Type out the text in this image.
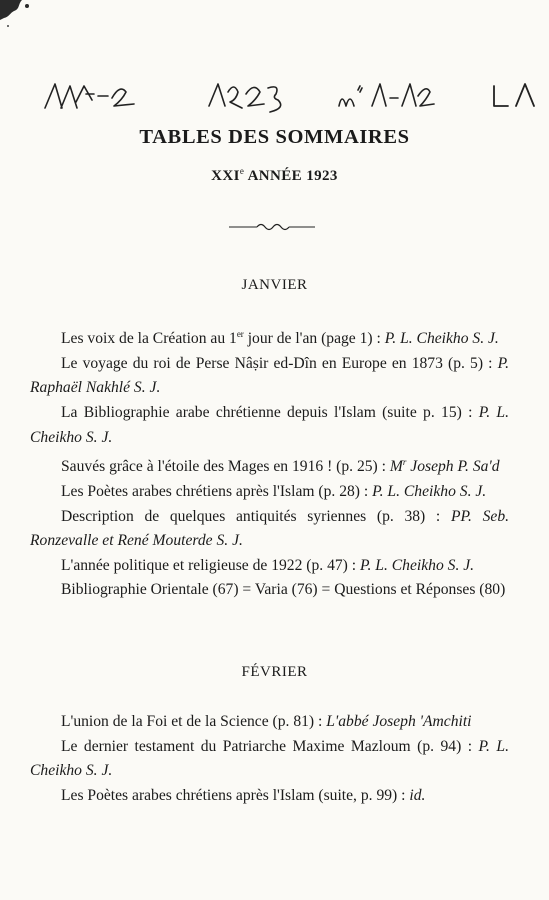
TABLES DES SOMMAIRES
XXIe ANNÉE 1923
JANVIER

Les voix de la Création au 1er jour de l'an (page 1) : P. L. Cheikho S. J.

Le voyage du roi de Perse Nâṣir ed-Dîn en Europe en 1873 (p. 5) : P. Raphaël Nakhlé S. J.

La Bibliographie arabe chrétienne depuis l'Islam (suite p. 15) : P. L. Cheikho S. J.

Sauvés grâce à l'étoile des Mages en 1916 ! (p. 25) : $M^r$ Joseph P. Sa'd

Les Poètes arabes chrétiens après l'Islam (p. 28) : P. L. Cheikho S. J.

Description de quelques antiquités syriennes (p. 38) : PP. Seb. Ronzevalle et René Mouterde S. J.

L'année politique et religieuse de 1922 (p. 47) : P. L. Cheikho S. J.

Bibliographie Orientale (67) = Varia (76) = Questions et Réponses (80)

FÉVRIER

L'union de la Foi et de la Science (p. 81) : L'abbé Joseph 'Amchiti

Le dernier testament du Patriarche Maxime Mazloum (p. 94) : P. L. Cheikho S. J.

Les Poètes arabes chrétiens après l'Islam (suite, p. 99) : id.
